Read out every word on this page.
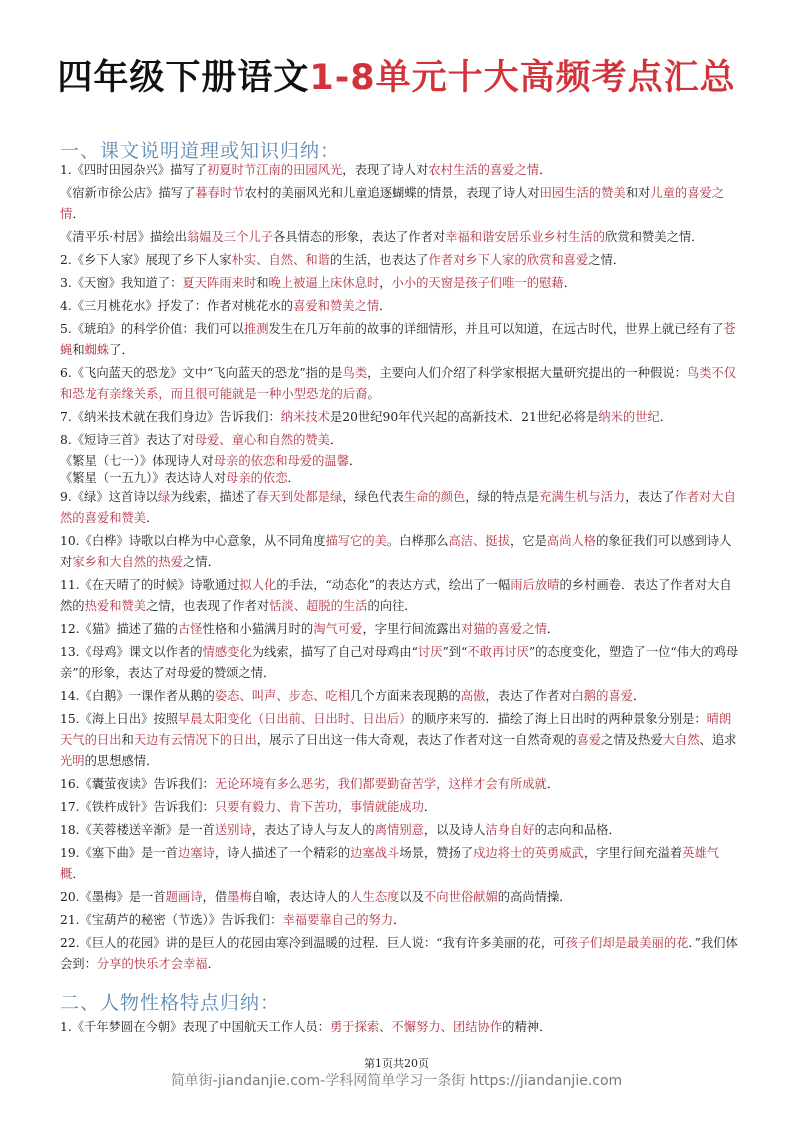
四年级下册语文1-8单元十大高频考点汇总
一、课文说明道理或知识归纳：
1.《四时田园杂兴》描写了初夏时节江南的田园风光，表现了诗人对农村生活的喜爱之情．
《宿新市徐公店》描写了暮春时节农村的美丽风光和儿童追逐蝴蝶的情景，表现了诗人对田园生活的赞美和对儿童的喜爱之情．
《清平乐·村居》描绘出翁媪及三个儿子各具情态的形象，表达了作者对幸福和谐安居乐业乡村生活的欣赏和赞美之情．
2.《乡下人家》展现了乡下人家朴实、自然、和谐的生活，也表达了作者对乡下人家的欣赏和喜爱之情．
3.《天窗》我知道了：夏天阵雨来时和晚上被逼上床休息时，小小的天窗是孩子们唯一的慰藉．
4.《三月桃花水》抒发了：作者对桃花水的喜爱和赞美之情．
5.《琥珀》的科学价值：我们可以推测发生在几万年前的故事的详细情形，并且可以知道，在远古时代，世界上就已经有了苍蝇和蜘蛛了．
6.《飞向蓝天的恐龙》文中“飞向蓝天的恐龙”指的是鸟类，主要向人们介绍了科学家根据大量研究提出的一种假说：鸟类不仅和恐龙有亲缘关系，而且很可能就是一种小型恐龙的后裔。
7.《纳米技术就在我们身边》告诉我们：纳米技术是20世纪90年代兴起的高新技术．21世纪必将是纳米的世纪．
8.《短诗三首》表达了对母爱、童心和自然的赞美．
《繁星（七一）》体现诗人对母亲的依恋和母爱的温馨．
《繁星（一五九）》表达诗人对母亲的依恋．
9.《绿》这首诗以绿为线索，描述了春天到处都是绿，绿色代表生命的颜色，绿的特点是充满生机与活力，表达了作者对大自然的喜爱和赞美．
10.《白桦》诗歌以白桦为中心意象，从不同角度描写它的美。白桦那么高洁、挺拔，它是高尚人格的象征我们可以感到诗人对家乡和大自然的热爱之情．
11.《在天晴了的时候》诗歌通过拟人化的手法，“动态化”的表达方式，绘出了一幅雨后放晴的乡村画卷．表达了作者对大自然的热爱和赞美之情，也表现了作者对恬淡、超脱的生活的向往．
12.《猫》描述了猫的古怪性格和小猫满月时的淘气可爱，字里行间流露出对猫的喜爱之情．
13.《母鸡》课文以作者的情感变化为线索，描写了自己对母鸡由“讨厌”到“不敢再讨厌”的态度变化，塑造了一位“伟大的鸡母亲”的形象，表达了对母爱的赞颂之情．
14.《白鹅》一课作者从鹅的姿态、叫声、步态、吃相几个方面来表现鹅的高傲，表达了作者对白鹅的喜爱．
15.《海上日出》按照早晨太阳变化（日出前、日出时、日出后）的顺序来写的．描绘了海上日出时的两种景象分别是：晴朗天气的日出和天边有云情况下的日出，展示了日出这一伟大奇观，表达了作者对这一自然奇观的喜爱之情及热爱大自然、追求光明的思想感情．
16.《囊萤夜读》告诉我们：无论环境有多么恶劣，我们都要勤奋苦学，这样才会有所成就．
17.《铁杵成针》告诉我们：只要有毅力、肯下苦功，事情就能成功．
18.《芙蓉楼送辛渐》是一首送别诗，表达了诗人与友人的离情别意，以及诗人洁身自好的志向和品格．
19.《塞下曲》是一首边塞诗，诗人描述了一个精彩的边塞战斗场景，赞扬了戍边将士的英勇威武，字里行间充溢着英雄气概．
20.《墨梅》是一首题画诗，借墨梅自喻，表达诗人的人生态度以及不向世俗献媚的高尚情操．
21.《宝葫芦的秘密（节选）》告诉我们：幸福要靠自己的努力．
22.《巨人的花园》讲的是巨人的花园由寒冷到温暖的过程．巨人说：“我有许多美丽的花，可孩子们却是最美丽的花．”我们体会到：分享的快乐才会幸福．
二、人物性格特点归纳：
1.《千年梦圆在今朝》表现了中国航天工作人员：勇于探索、不懈努力、团结协作的精神．
第1页共20页
简单街-jiandanjie.com-学科网简单学习一条街 https://jiandanjie.com
